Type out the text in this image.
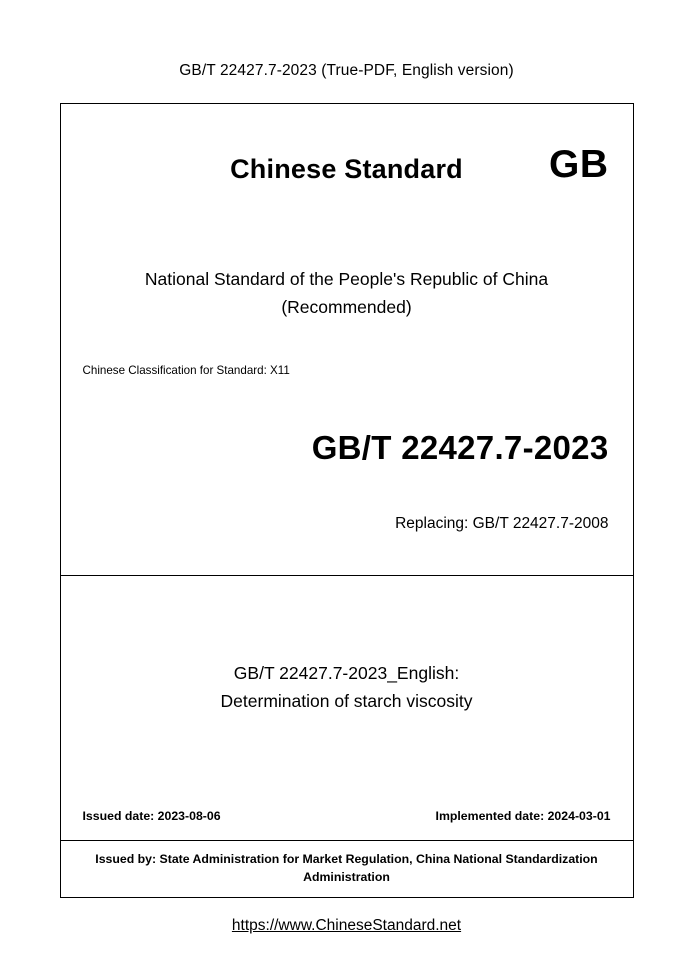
GB/T 22427.7-2023 (True-PDF, English version)
Chinese Standard	GB
National Standard of the People's Republic of China
(Recommended)
Chinese Classification for Standard: X11
GB/T 22427.7-2023
Replacing: GB/T 22427.7-2008
GB/T 22427.7-2023_English:
Determination of starch viscosity
Issued date: 2023-08-06	Implemented date: 2024-03-01
Issued by: State Administration for Market Regulation, China National Standardization Administration
https://www.ChineseStandard.net
